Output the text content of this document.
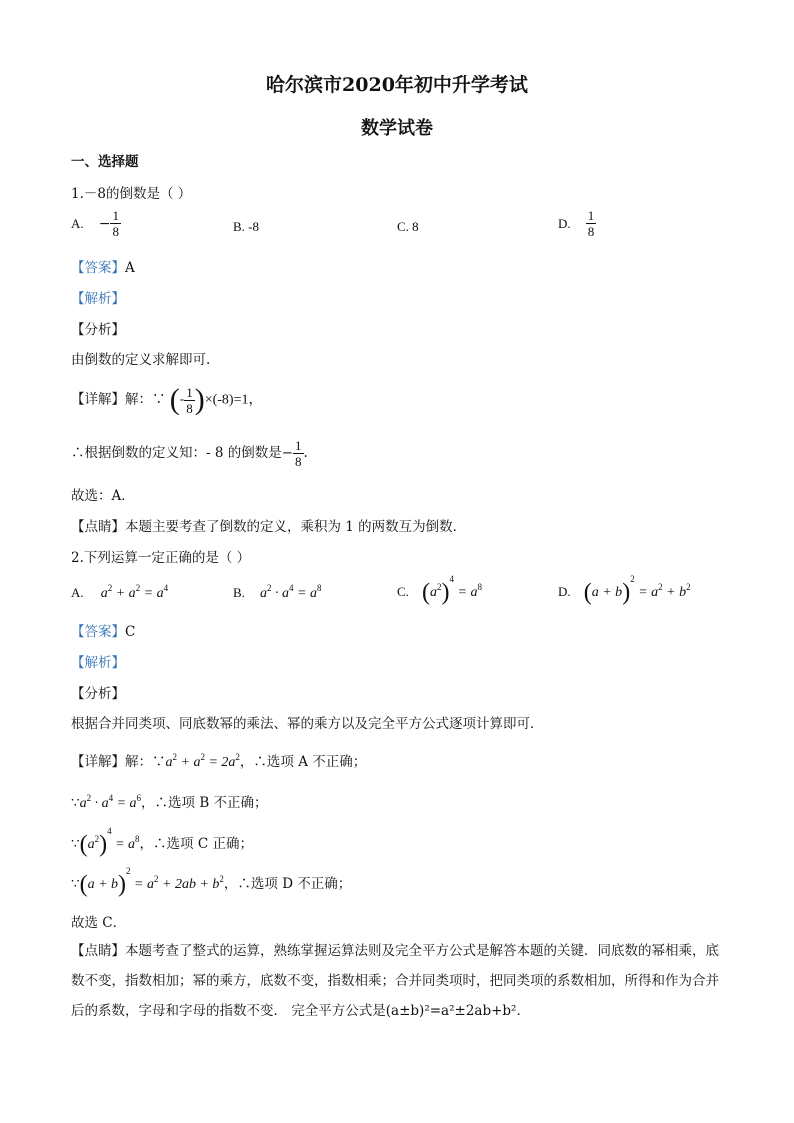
哈尔滨市2020年初中升学考试
数学试卷
一、选择题
1.－8的倒数是（ ）
A. − $\frac{1}{8}$	B. -8	C. 8	D. $\frac{1}{8}$
【答案】A
【解析】
【分析】
由倒数的定义求解即可.
【详解】解：∵ (- $\frac{1}{8} )\times(-8)=1$，
∴根据倒数的定义知：- 8 的倒数是− $\frac{1}{8}$ .
故选：A．
【点睛】本题主要考查了倒数的定义，乘积为 1 的两数互为倒数．
2.下列运算一定正确的是（ ）
A. $a^2 + a^2 = a^4$	B. $a^2 \cdot a^4 = a^8$	C. $(a^2)^4 = a^8$	D. $(a + b)^2 = a^2 + b^2$
【答案】C
【解析】
【分析】
根据合并同类项、同底数幂的乘法、幂的乘方以及完全平方公式逐项计算即可．
【详解】解：$\because a^2 + a^2 = 2a^2$，∴选项 A 不正确；
$\because a^2 \cdot a^4 = a^6$，∴选项 B 不正确；
$\because(a^2)^4 = a^8$，∴选项 C 正确；
∵(a + $b)^2 = a^2 + 2ab + b^2$，∴选项 D 不正确；
故选 C．
【点睛】本题考查了整式的运算，熟练掌握运算法则及完全平方公式是解答本题的关键．同底数的幂相乘，底数不变，指数相加；幂的乘方，底数不变，指数相乘；合并同类项时，把同类项的系数相加，所得和作为合并后的系数，字母和字母的指数不变． 完全平方公式是(a±b)²=a²±2ab+b²．
